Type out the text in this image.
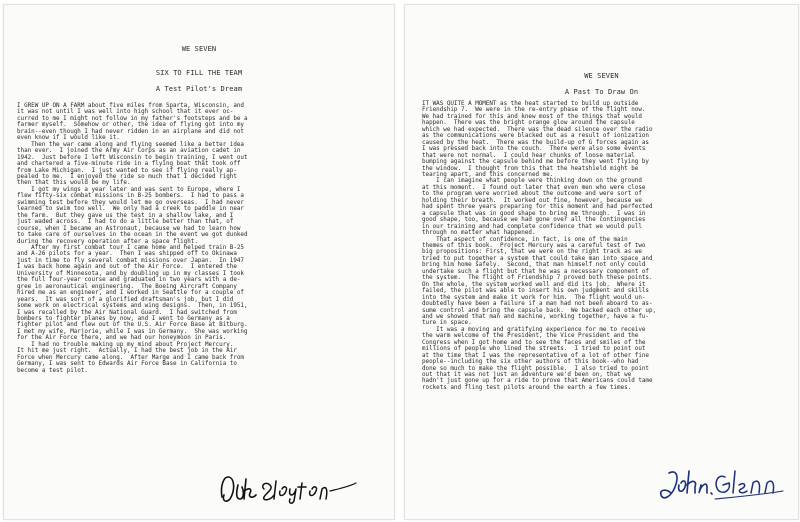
WE SEVEN
SIX TO FILL THE TEAM
A Test Pilot's Dream
I GREW UP ON A FARM about five miles from Sparta, Wisconsin, and
it was not until I was well into high school that it ever oc-
curred to me I might not follow in my father's footsteps and be a
farmer myself.  Somehow or other, the idea of flying got into my
brain--even though I had never ridden in an airplane and did not
even know if I would like it.
Then the war came along and flying seemed like a better idea
than ever.  I joined the Army Air Corps as an aviation cadet in
1942.  Just before I left Wisconsin to begin training, I went out
and chartered a five-minute ride in a flying boat that took off
from Lake Michigan.  I just wanted to see if flying really ap-
pealed to me.  I enjoyed the ride so much that I decided right
then that this would be my life.
I got my wings a year later and was sent to Europe, where I
flew fifty-six combat missions in B-25 bombers.  I had to pass a
swimming test before they would let me go overseas.  I had never
learned to swim too well.  We only had a creek to paddle in near
the farm.  But they gave us the test in a shallow lake, and I
just waded across.  I had to do a little better than that, of
course, when I became an Astronaut, because we had to learn how
to take care of ourselves in the ocean in the event we got dunked
during the recovery operation after a space flight.
After my first combat tour I came home and helped train B-25
and A-26 pilots for a year.  Then I was shipped off to Okinawa
just in time to fly several combat missions over Japan.  In 1947
I was back home again and out of the Air Force.  I entered the
University of Minnesota, and by doubling up in my classes I took
the full four-year course and graduated in two years with a de-
gree in aeronautical engineering.  The Boeing Aircraft Company
hired me as an engineer, and I worked in Seattle for a couple of
years.  It was sort of a glorified draftsman's job, but I did
some work on electrical systems and wing designs.  Then, in 1951,
I was recalled by the Air National Guard.  I had switched from
bombers to fighter planes by now, and I went to Germany as a
fighter pilot and flew out of the U.S. Air Force Base at Bitburg.
I met my wife, Marjorie, while I was in Germany.  She was working
for the Air Force there, and we had our honeymoon in Paris.
I had no trouble making up my mind about Project Mercury.
It hit me just right.  Actually, I had the best job in the Air
Force when Mercury came along.  After Marge and I came back from
Germany, I was sent to Edwards Air Force Base in California to
become a test pilot.
WE SEVEN
A Past To Draw On
IT WAS QUITE A MOMENT as the heat started to build up outside
Friendship 7.  We were in the re-entry phase of the flight now.
We had trained for this and knew most of the things that would
happen.  There was the bright orange glow around the capsule
which we had expected.  There was the dead silence over the radio
as the communications were blacked out as a result of ionization
caused by the heat.  There was the build-up of G forces again as
I was pressed back into the couch.  There were also some events
that were not normal.  I could hear chunks of loose material
bumping against the capsule behind me before they went flying by
the window.  I thought from this that the heatshield might be
tearing apart, and this concerned me.
I can imagine what people were thinking down on the ground
at this moment.  I found out later that even men who were close
to the program were worried about the outcome and were sort of
holding their breath.  It worked out fine, however, because we
had spent three years preparing for this moment and had perfected
a capsule that was in good shape to bring me through.  I was in
good shape, too, because we had gone over all the contingencies
in our training and had complete confidence that we would pull
through no matter what happened.
That aspect of confidence, in fact, is one of the main
themes of this book.  Project Mercury was a careful test of two
big propositions: First, that we were on the right track as we
tried to put together a system that could take man into space and
bring him home safely.  Second, that man himself not only could
undertake such a flight but that he was a necessary component of
the system.  The flight of Friendship 7 proved both these points.
On the whole, the system worked well and did its job.  Where it
failed, the pilot was able to insert his own judgment and skills
into the system and make it work for him.  The flight would un-
doubtedly have been a failure if a man had not been aboard to as-
sume control and bring the capsule back.  We backed each other up,
and we showed that man and machine, working together, have a fu-
ture in space.
It was a moving and gratifying experience for me to receive
the warm welcome of the President, the Vice President and the
Congress when I got home and to see the faces and smiles of the
millions of people who lined the streets.  I tried to point out
at the time that I was the representative of a lot of other fine
people--including the six other authors of this book--who had
done so much to make the flight possible.  I also tried to point
out that it was not just an adventure we'd been on, that we
hadn't just gone up for a ride to prove that Americans could tame
rockets and fling test pilots around the earth a few times.
